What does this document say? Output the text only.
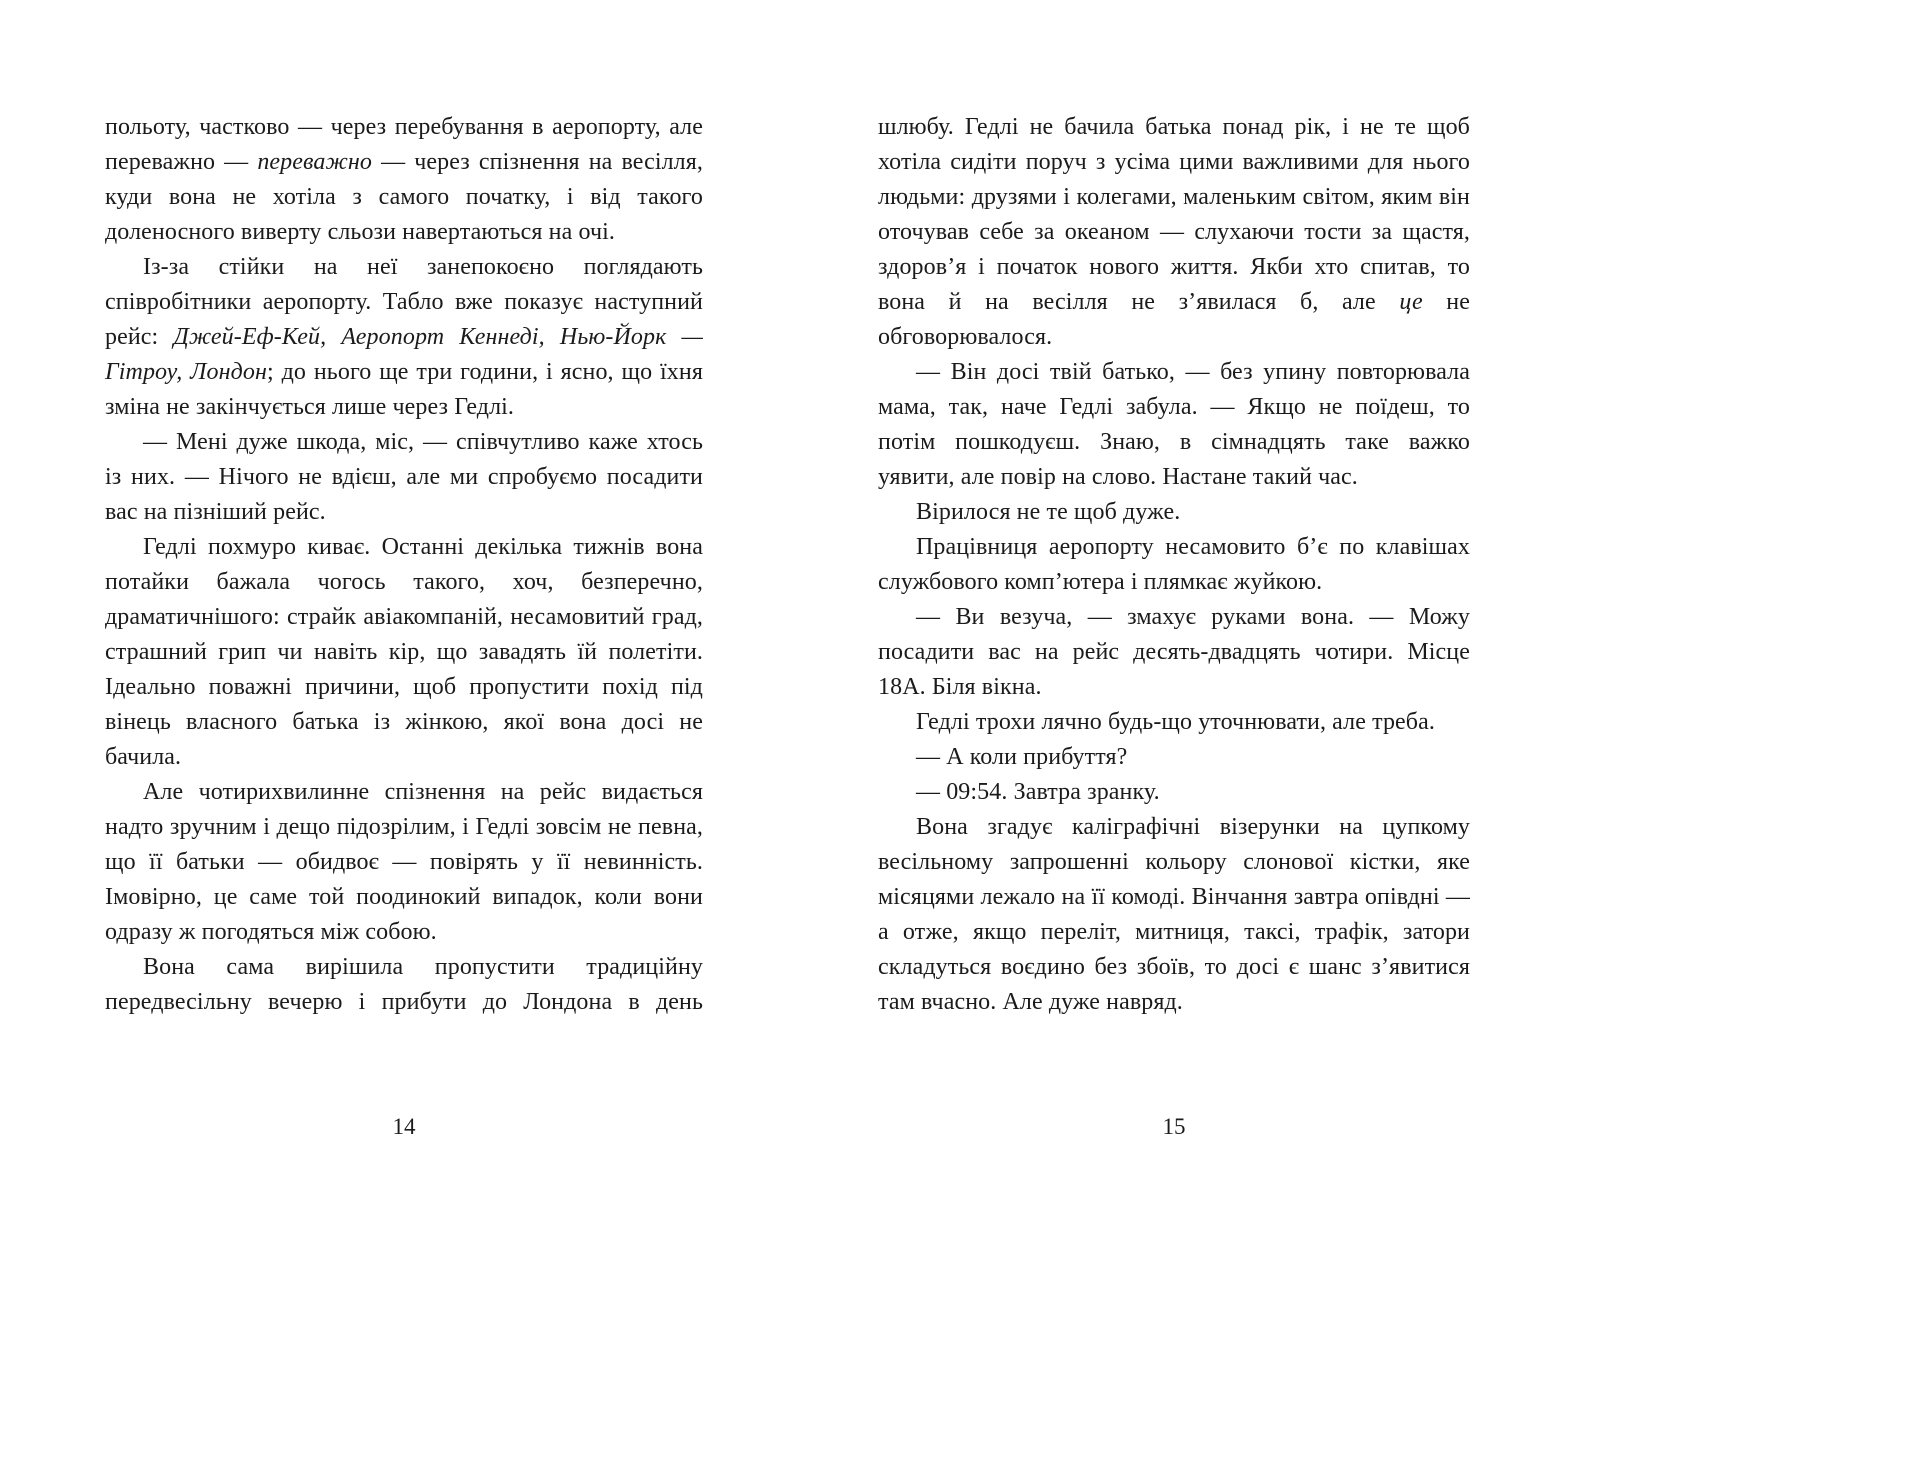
польоту, частково — через перебування в аеропорту, але переважно — переважно — через спізнення на весілля, куди вона не хотіла з самого початку, і від такого доленосного виверту сльози навертаються на очі.

Із-за стійки на неї занепокоєно поглядають співробітники аеропорту. Табло вже показує наступний рейс: Джей-Еф-Кей, Аеропорт Кеннеді, Нью-Йорк — Гітроу, Лондон; до нього ще три години, і ясно, що їхня зміна не закінчується лише через Гедлі.

— Мені дуже шкода, міс, — співчутливо каже хтось із них. — Нічого не вдієш, але ми спробуємо посадити вас на пізніший рейс.

Гедлі похмуро киває. Останні декілька тижнів вона потайки бажала чогось такого, хоч, безперечно, драматичнішого: страйк авіакомпаній, несамовитий град, страшний грип чи навіть кір, що завадять їй полетіти. Ідеально поважні причини, щоб пропустити похід під вінець власного батька із жінкою, якої вона досі не бачила.

Але чотирихвилинне спізнення на рейс видається надто зручним і дещо підозрілим, і Гедлі зовсім не певна, що її батьки — обидвоє — повірять у її невинність. Імовірно, це саме той поодинокий випадок, коли вони одразу ж погодяться між собою.

Вона сама вирішила пропустити традиційну передвесільну вечерю і прибути до Лондона в день

шлюбу. Гедлі не бачила батька понад рік, і не те щоб хотіла сидіти поруч з усіма цими важливими для нього людьми: друзями і колегами, маленьким світом, яким він оточував себе за океаном — слухаючи тости за щастя, здоров’я і початок нового життя. Якби хто спитав, то вона й на весілля не з’явилася б, але це не обговорювалося.

— Він досі твій батько, — без упину повторювала мама, так, наче Гедлі забула. — Якщо не поїдеш, то потім пошкодуєш. Знаю, в сімнадцять таке важко уявити, але повір на слово. Настане такий час.

Вірилося не те щоб дуже.

Працівниця аеропорту несамовито б’є по клавішах службового комп’ютера і плямкає жуйкою.

— Ви везуча, — змахує руками вона. — Можу посадити вас на рейс десять-двадцять чотири. Місце 18А. Біля вікна.

Гедлі трохи лячно будь-що уточнювати, але треба.

— А коли прибуття?

— 09:54. Завтра зранку.

Вона згадує каліграфічні візерунки на цупкому весільному запрошенні кольору слонової кістки, яке місяцями лежало на її комоді. Вінчання завтра опівдні — а отже, якщо переліт, митниця, таксі, трафік, затори складуться воєдино без збоїв, то досі є шанс з’явитися там вчасно. Але дуже навряд.

14	15
